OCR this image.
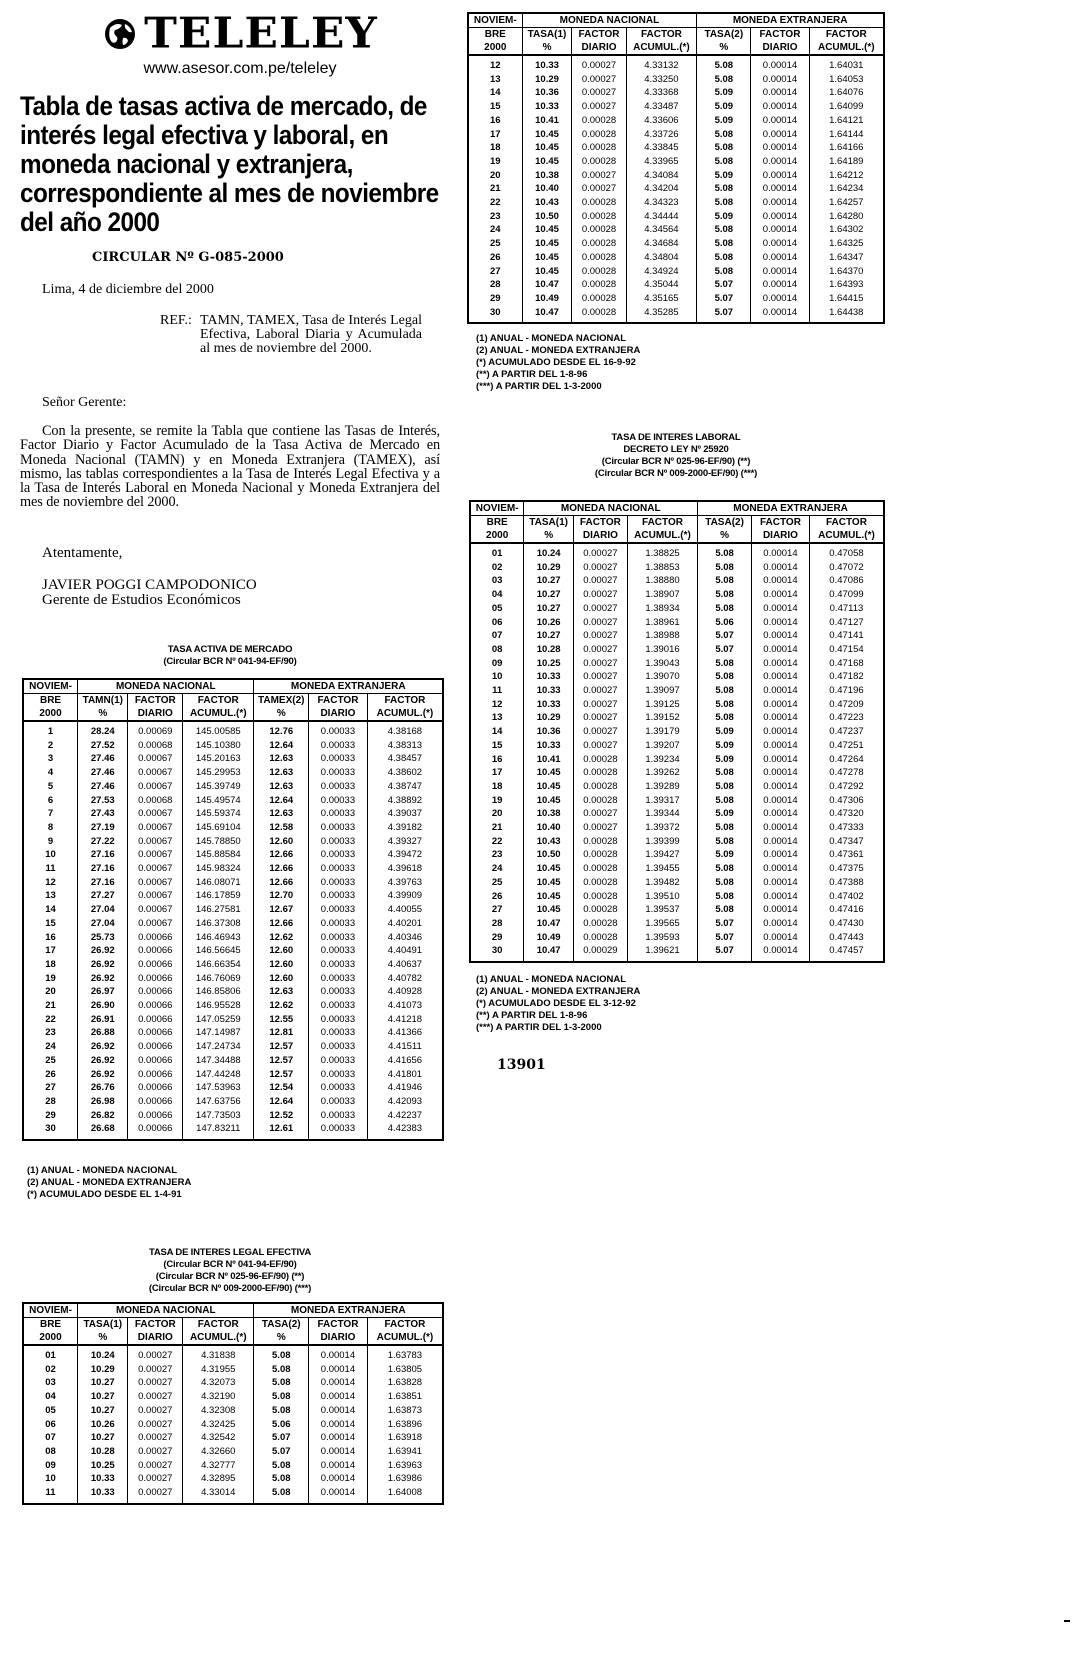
TELELEY
www.asesor.com.pe/teleley
Tabla de tasas activa de mercado, de interés legal efectiva y laboral, en moneda nacional y extranjera, correspondiente al mes de noviembre del año 2000
CIRCULAR Nº G-085-2000
Lima, 4 de diciembre del 2000
REF.: TAMN, TAMEX, Tasa de Interés Legal Efectiva, Laboral Diaria y Acumulada al mes de noviembre del 2000.
Señor Gerente:
Con la presente, se remite la Tabla que contiene las Tasas de Interés, Factor Diario y Factor Acumulado de la Tasa Activa de Mercado en Moneda Nacional (TAMN) y en Moneda Extranjera (TAMEX), así mismo, las tablas correspondientes a la Tasa de Interés Legal Efectiva y a la Tasa de Interés Laboral en Moneda Nacional y Moneda Extranjera del mes de noviembre del 2000.
Atentamente,
JAVIER POGGI CAMPODONICO
Gerente de Estudios Económicos
TASA ACTIVA DE MERCADO
(Circular BCR Nº 041-94-EF/90)
NOVIEM-	MONEDA NACIONAL			MONEDA EXTRANJERA		
BRE	TAMN(1)	FACTOR	FACTOR	TAMEX(2)	FACTOR	FACTOR
2000	%	DIARIO	ACUMUL.(*)	%	DIARIO	ACUMUL.(*)
1	28.24	0.00069	145.00585	12.76	0.00033	4.38168
2	27.52	0.00068	145.10380	12.64	0.00033	4.38313
3	27.46	0.00067	145.20163	12.63	0.00033	4.38457
4	27.46	0.00067	145.29953	12.63	0.00033	4.38602
5	27.46	0.00067	145.39749	12.63	0.00033	4.38747
6	27.53	0.00068	145.49574	12.64	0.00033	4.38892
7	27.43	0.00067	145.59374	12.63	0.00033	4.39037
8	27.19	0.00067	145.69104	12.58	0.00033	4.39182
9	27.22	0.00067	145.78850	12.60	0.00033	4.39327
10	27.16	0.00067	145.88584	12.66	0.00033	4.39472
11	27.16	0.00067	145.98324	12.66	0.00033	4.39618
12	27.16	0.00067	146.08071	12.66	0.00033	4.39763
13	27.27	0.00067	146.17859	12.70	0.00033	4.39909
14	27.04	0.00067	146.27581	12.67	0.00033	4.40055
15	27.04	0.00067	146.37308	12.66	0.00033	4.40201
16	25.73	0.00066	146.46943	12.62	0.00033	4.40346
17	26.92	0.00066	146.56645	12.60	0.00033	4.40491
18	26.92	0.00066	146.66354	12.60	0.00033	4.40637
19	26.92	0.00066	146.76069	12.60	0.00033	4.40782
20	26.97	0.00066	146.85806	12.63	0.00033	4.40928
21	26.90	0.00066	146.95528	12.62	0.00033	4.41073
22	26.91	0.00066	147.05259	12.55	0.00033	4.41218
23	26.88	0.00066	147.14987	12.81	0.00033	4.41366
24	26.92	0.00066	147.24734	12.57	0.00033	4.41511
25	26.92	0.00066	147.34488	12.57	0.00033	4.41656
26	26.92	0.00066	147.44248	12.57	0.00033	4.41801
27	26.76	0.00066	147.53963	12.54	0.00033	4.41946
28	26.98	0.00066	147.63756	12.64	0.00033	4.42093
29	26.82	0.00066	147.73503	12.52	0.00033	4.42237
30	26.68	0.00066	147.83211	12.61	0.00033	4.42383
(1) ANUAL - MONEDA NACIONAL
(2) ANUAL - MONEDA EXTRANJERA
(*) ACUMULADO DESDE EL 1-4-91
TASA DE INTERES LEGAL EFECTIVA
(Circular BCR Nº 041-94-EF/90)
(Circular BCR Nº 025-96-EF/90) (**)
(Circular BCR Nº 009-2000-EF/90) (***)
NOVIEM-	MONEDA NACIONAL			MONEDA EXTRANJERA		
BRE	TASA(1)	FACTOR	FACTOR	TASA(2)	FACTOR	FACTOR
2000	%	DIARIO	ACUMUL.(*)	%	DIARIO	ACUMUL.(*)
01	10.24	0.00027	4.31838	5.08	0.00014	1.63783
02	10.29	0.00027	4.31955	5.08	0.00014	1.63805
03	10.27	0.00027	4.32073	5.08	0.00014	1.63828
04	10.27	0.00027	4.32190	5.08	0.00014	1.63851
05	10.27	0.00027	4.32308	5.08	0.00014	1.63873
06	10.26	0.00027	4.32425	5.06	0.00014	1.63896
07	10.27	0.00027	4.32542	5.07	0.00014	1.63918
08	10.28	0.00027	4.32660	5.07	0.00014	1.63941
09	10.25	0.00027	4.32777	5.08	0.00014	1.63963
10	10.33	0.00027	4.32895	5.08	0.00014	1.63986
11	10.33	0.00027	4.33014	5.08	0.00014	1.64008
NOVIEM-	MONEDA NACIONAL			MONEDA EXTRANJERA		
BRE	TASA(1)	FACTOR	FACTOR	TASA(2)	FACTOR	FACTOR
2000	%	DIARIO	ACUMUL.(*)	%	DIARIO	ACUMUL.(*)
12	10.33	0.00027	4.33132	5.08	0.00014	1.64031
13	10.29	0.00027	4.33250	5.08	0.00014	1.64053
14	10.36	0.00027	4.33368	5.09	0.00014	1.64076
15	10.33	0.00027	4.33487	5.09	0.00014	1.64099
16	10.41	0.00028	4.33606	5.09	0.00014	1.64121
17	10.45	0.00028	4.33726	5.08	0.00014	1.64144
18	10.45	0.00028	4.33845	5.08	0.00014	1.64166
19	10.45	0.00028	4.33965	5.08	0.00014	1.64189
20	10.38	0.00027	4.34084	5.09	0.00014	1.64212
21	10.40	0.00027	4.34204	5.08	0.00014	1.64234
22	10.43	0.00028	4.34323	5.08	0.00014	1.64257
23	10.50	0.00028	4.34444	5.09	0.00014	1.64280
24	10.45	0.00028	4.34564	5.08	0.00014	1.64302
25	10.45	0.00028	4.34684	5.08	0.00014	1.64325
26	10.45	0.00028	4.34804	5.08	0.00014	1.64347
27	10.45	0.00028	4.34924	5.08	0.00014	1.64370
28	10.47	0.00028	4.35044	5.07	0.00014	1.64393
29	10.49	0.00028	4.35165	5.07	0.00014	1.64415
30	10.47	0.00028	4.35285	5.07	0.00014	1.64438
(1) ANUAL - MONEDA NACIONAL
(2) ANUAL - MONEDA EXTRANJERA
(*) ACUMULADO DESDE EL 16-9-92
(**) A PARTIR DEL 1-8-96
(***) A PARTIR DEL 1-3-2000
TASA DE INTERES LABORAL
DECRETO LEY Nº 25920
(Circular BCR Nº 025-96-EF/90) (**)
(Circular BCR Nº 009-2000-EF/90) (***)
NOVIEM-	MONEDA NACIONAL			MONEDA EXTRANJERA		
BRE	TASA(1)	FACTOR	FACTOR	TASA(2)	FACTOR	FACTOR
2000	%	DIARIO	ACUMUL.(*)	%	DIARIO	ACUMUL.(*)
01	10.24	0.00027	1.38825	5.08	0.00014	0.47058
02	10.29	0.00027	1.38853	5.08	0.00014	0.47072
03	10.27	0.00027	1.38880	5.08	0.00014	0.47086
04	10.27	0.00027	1.38907	5.08	0.00014	0.47099
05	10.27	0.00027	1.38934	5.08	0.00014	0.47113
06	10.26	0.00027	1.38961	5.06	0.00014	0.47127
07	10.27	0.00027	1.38988	5.07	0.00014	0.47141
08	10.28	0.00027	1.39016	5.07	0.00014	0.47154
09	10.25	0.00027	1.39043	5.08	0.00014	0.47168
10	10.33	0.00027	1.39070	5.08	0.00014	0.47182
11	10.33	0.00027	1.39097	5.08	0.00014	0.47196
12	10.33	0.00027	1.39125	5.08	0.00014	0.47209
13	10.29	0.00027	1.39152	5.08	0.00014	0.47223
14	10.36	0.00027	1.39179	5.09	0.00014	0.47237
15	10.33	0.00027	1.39207	5.09	0.00014	0.47251
16	10.41	0.00028	1.39234	5.09	0.00014	0.47264
17	10.45	0.00028	1.39262	5.08	0.00014	0.47278
18	10.45	0.00028	1.39289	5.08	0.00014	0.47292
19	10.45	0.00028	1.39317	5.08	0.00014	0.47306
20	10.38	0.00027	1.39344	5.09	0.00014	0.47320
21	10.40	0.00027	1.39372	5.08	0.00014	0.47333
22	10.43	0.00028	1.39399	5.08	0.00014	0.47347
23	10.50	0.00028	1.39427	5.09	0.00014	0.47361
24	10.45	0.00028	1.39455	5.08	0.00014	0.47375
25	10.45	0.00028	1.39482	5.08	0.00014	0.47388
26	10.45	0.00028	1.39510	5.08	0.00014	0.47402
27	10.45	0.00028	1.39537	5.08	0.00014	0.47416
28	10.47	0.00028	1.39565	5.07	0.00014	0.47430
29	10.49	0.00028	1.39593	5.07	0.00014	0.47443
30	10.47	0.00029	1.39621	5.07	0.00014	0.47457
(1) ANUAL - MONEDA NACIONAL
(2) ANUAL - MONEDA EXTRANJERA
(*) ACUMULADO DESDE EL 3-12-92
(**) A PARTIR DEL 1-8-96
(***) A PARTIR DEL 1-3-2000
13901
